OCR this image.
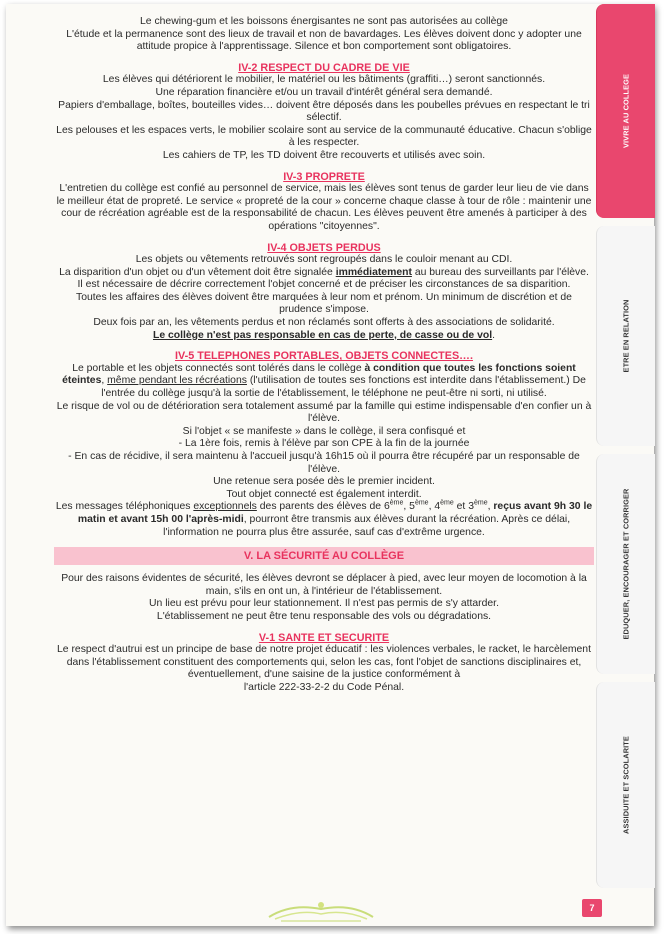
Le chewing-gum et les boissons énergisantes ne sont pas autorisées au collège

L'étude et la permanence sont des lieux de travail et non de bavardages. Les élèves doivent donc y adopter une attitude propice à l'apprentissage. Silence et bon comportement sont obligatoires.

IV-2 RESPECT DU CADRE DE VIE

Les élèves qui détériorent le mobilier, le matériel ou les bâtiments (graffiti…) seront sanctionnés.

Une réparation financière et/ou un travail d'intérêt général sera demandé.

Papiers d'emballage, boîtes, bouteilles vides… doivent être déposés dans les poubelles prévues en respectant le tri sélectif.

Les pelouses et les espaces verts, le mobilier scolaire sont au service de la communauté éducative. Chacun s'oblige à les respecter.

Les cahiers de TP, les TD doivent être recouverts et utilisés avec soin.

IV-3 PROPRETE

L'entretien du collège est confié au personnel de service, mais les élèves sont tenus de garder leur lieu de vie dans le meilleur état de propreté. Le service « propreté de la cour » concerne chaque classe à tour de rôle : maintenir une cour de récréation agréable est de la responsabilité de chacun. Les élèves peuvent être amenés à participer à des opérations "citoyennes".

IV-4 OBJETS PERDUS

Les objets ou vêtements retrouvés sont regroupés dans le couloir menant au CDI.

La disparition d'un objet ou d'un vêtement doit être signalée immédiatement au bureau des surveillants par l'élève.

Il est nécessaire de décrire correctement l'objet concerné et de préciser les circonstances de sa disparition.

Toutes les affaires des élèves doivent être marquées à leur nom et prénom. Un minimum de discrétion et de prudence s'impose.

Deux fois par an, les vêtements perdus et non réclamés sont offerts à des associations de solidarité.

Le collège n'est pas responsable en cas de perte, de casse ou de vol.

IV-5 TELEPHONES PORTABLES, OBJETS CONNECTES….

Le portable et les objets connectés sont tolérés dans le collège à condition que toutes les fonctions soient éteintes, même pendant les récréations (l'utilisation de toutes ses fonctions est interdite dans l'établissement.) De l'entrée du collège jusqu'à la sortie de l'établissement, le téléphone ne peut-être ni sorti, ni utilisé.

Le risque de vol ou de détérioration sera totalement assumé par la famille qui estime indispensable d'en confier un à l'élève.

Si l'objet « se manifeste » dans le collège, il sera confisqué et

- La 1ère fois, remis à l'élève par son CPE à la fin de la journée

- En cas de récidive, il sera maintenu à l'accueil jusqu'à 16h15 où il pourra être récupéré par un responsable de l'élève.

Une retenue sera posée dès le premier incident.

Tout objet connecté est également interdit.

Les messages téléphoniques exceptionnels des parents des élèves de 6ème, 5ème, 4ème et 3ème, reçus avant 9h 30 le matin et avant 15h 00 l'après-midi, pourront être transmis aux élèves durant la récréation. Après ce délai, l'information ne pourra plus être assurée, sauf cas d'extrême urgence.

V. LA SÉCURITÉ AU COLLÈGE

Pour des raisons évidentes de sécurité, les élèves devront se déplacer à pied, avec leur moyen de locomotion à la main, s'ils en ont un, à l'intérieur de l'établissement.

Un lieu est prévu pour leur stationnement. Il n'est pas permis de s'y attarder.

L'établissement ne peut être tenu responsable des vols ou dégradations.

V-1 SANTE ET SECURITE

Le respect d'autrui est un principe de base de notre projet éducatif : les violences verbales, le racket, le harcèlement dans l'établissement constituent des comportements qui, selon les cas, font l'objet de sanctions disciplinaires et, éventuellement, d'une saisine de la justice conformément à

l'article 222-33-2-2 du Code Pénal.

7
VIVRE AU COLLEGE
ETRE EN RELATION
EDUQUER, ENCOURAGER ET CORRIGER
ASSIDUITE ET SCOLARITE
